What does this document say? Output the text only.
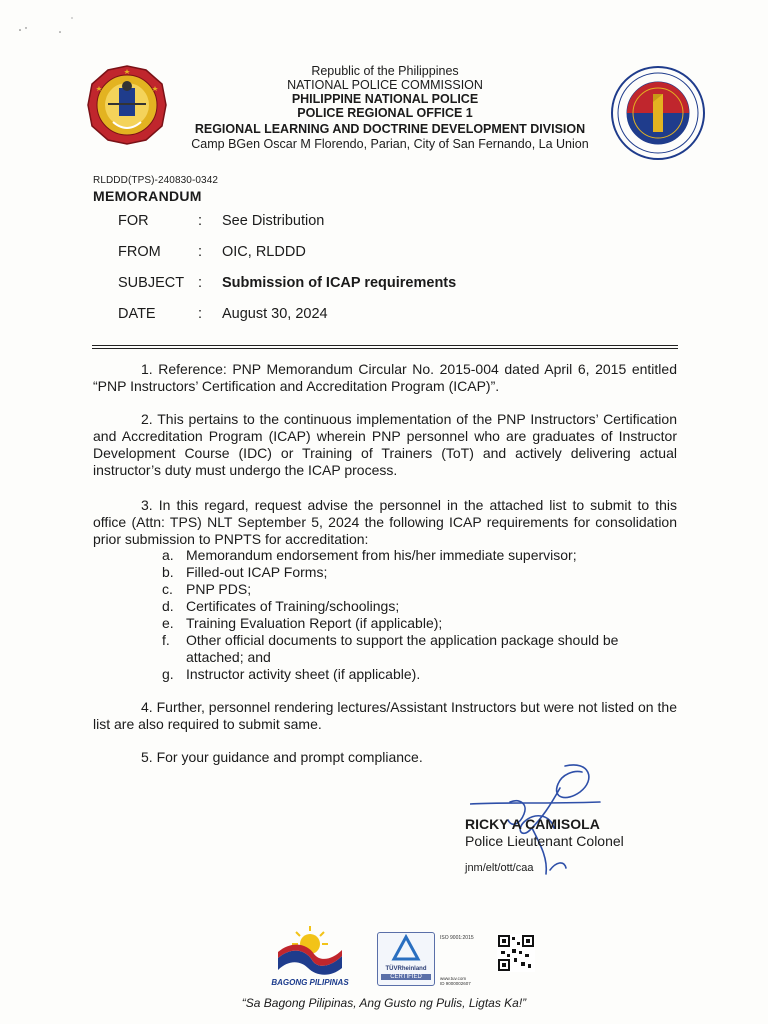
Republic of the Philippines
NATIONAL POLICE COMMISSION
PHILIPPINE NATIONAL POLICE
POLICE REGIONAL OFFICE 1
REGIONAL LEARNING AND DOCTRINE DEVELOPMENT DIVISION
Camp BGen Oscar M Florendo, Parian, City of San Fernando, La Union
RLDDD(TPS)-240830-0342
MEMORANDUM
FOR	: See Distribution
FROM	: OIC, RLDDD
SUBJECT : Submission of ICAP requirements
DATE	: August 30, 2024
1. Reference: PNP Memorandum Circular No. 2015-004 dated April 6, 2015 entitled “PNP Instructors’ Certification and Accreditation Program (ICAP)”.
2. This pertains to the continuous implementation of the PNP Instructors’ Certification and Accreditation Program (ICAP) wherein PNP personnel who are graduates of Instructor Development Course (IDC) or Training of Trainers (ToT) and actively delivering actual instructor’s duty must undergo the ICAP process.
3. In this regard, request advise the personnel in the attached list to submit to this office (Attn: TPS) NLT September 5, 2024 the following ICAP requirements for consolidation prior submission to PNPTS for accreditation:
a. Memorandum endorsement from his/her immediate supervisor;
b. Filled-out ICAP Forms;
c. PNP PDS;
d. Certificates of Training/schoolings;
e. Training Evaluation Report (if applicable);
f.	Other official documents to support the application package should be attached; and
g. Instructor activity sheet (if applicable).
4. Further, personnel rendering lectures/Assistant Instructors but were not listed on the list are also required to submit same.
5. For your guidance and prompt compliance.
RICKY A CAMISOLA
Police Lieutenant Colonel
jnm/elt/ott/caa
BAGONG PILIPINAS
TÜVRheinland
CERTIFIED
ISO 9001:2015
www.tuv.com
ID 9000002607
“Sa Bagong Pilipinas, Ang Gusto ng Pulis, Ligtas Ka!”
